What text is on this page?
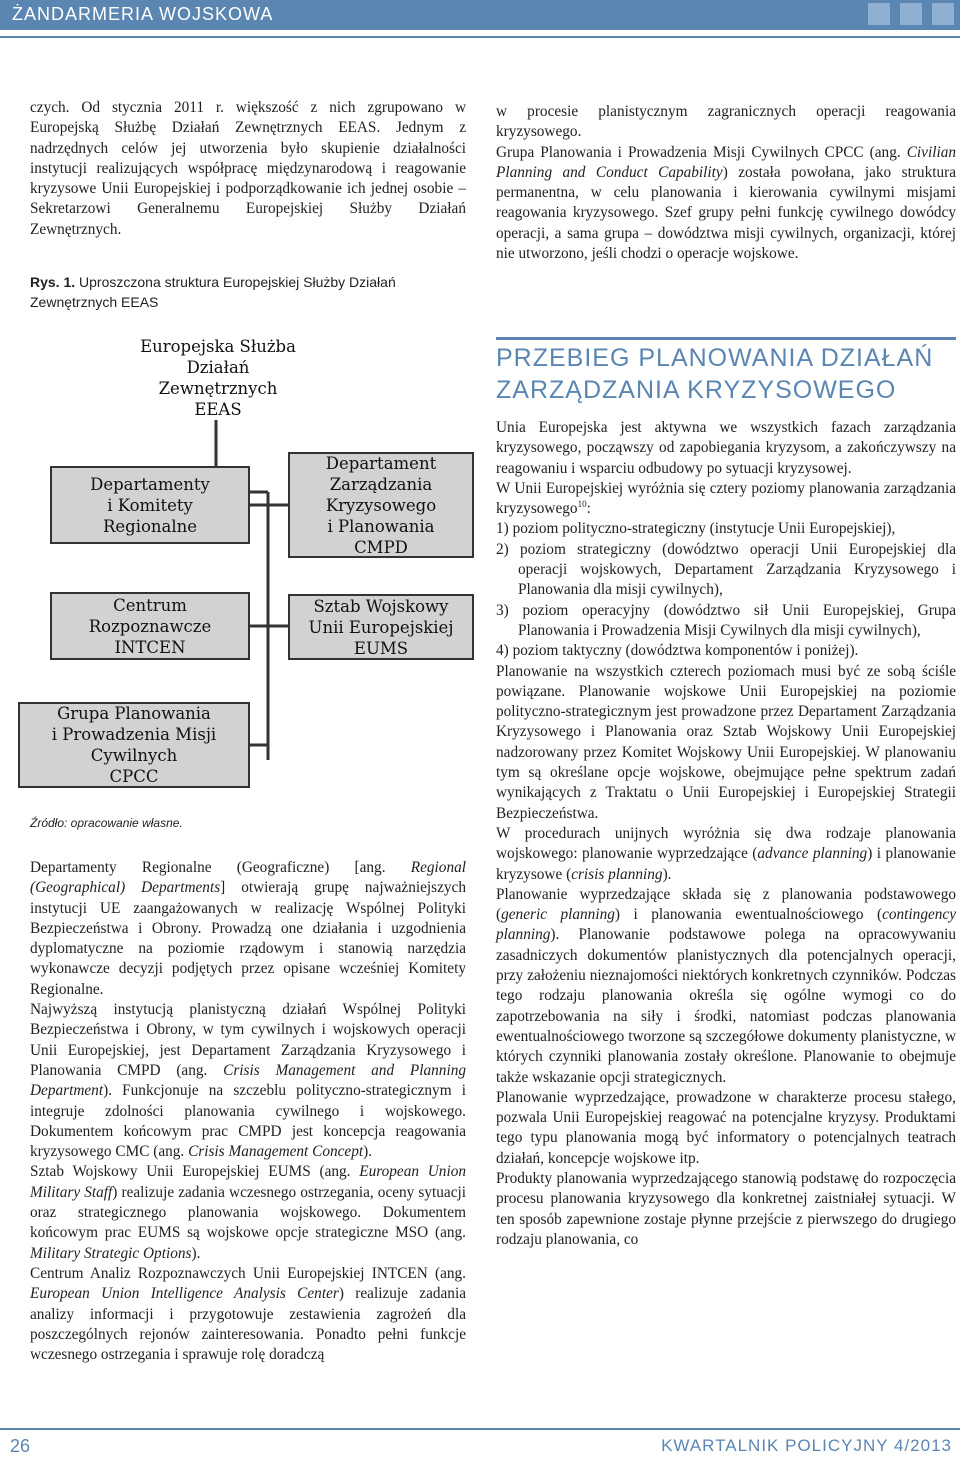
ŻANDARMERIA WOJSKOWA

czych. Od stycznia 2011 r. większość z nich zgrupowano w Europejską Służbę Działań Zewnętrznych EEAS. Jednym z nadrzędnych celów jej utworzenia było skupienie działalności instytucji realizujących współpracę międzynarodową i reagowanie kryzysowe Unii Europejskiej i podporządkowanie ich jednej osobie – Sekretarzowi Generalnemu Europejskiej Służby Działań Zewnętrznych.

Rys. 1. Uproszczona struktura Europejskiej Służby Działań Zewnętrznych EEAS
Europejska Służba
Działań
Zewnętrznych
EEAS
Departamenty
i Komitety
Regionalne
Departament
Zarządzania
Kryzysowego
i Planowania
CMPD
Centrum
Rozpoznawcze
INTCEN
Sztab Wojskowy
Unii Europejskiej
EUMS
Grupa Planowania
i Prowadzenia Misji
Cywilnych
CPCC
Źródło: opracowanie własne.

Departamenty Regionalne (Geograficzne) [ang. Regional (Geographical) Departments] otwierają grupę najważniejszych instytucji UE zaangażowanych w realizację Wspólnej Polityki Bezpieczeństwa i Obrony. Prowadzą one działania i uzgodnienia dyplomatyczne na poziomie rządowym i stanowią narzędzia wykonawcze decyzji podjętych przez opisane wcześniej Komitety Regionalne.

Najwyższą instytucją planistyczną działań Wspólnej Polityki Bezpieczeństwa i Obrony, w tym cywilnych i wojskowych operacji Unii Europejskiej, jest Departament Zarządzania Kryzysowego i Planowania CMPD (ang. Crisis Management and Planning Department). Funkcjonuje na szczeblu polityczno-strategicznym i integruje zdolności planowania cywilnego i wojskowego. Dokumentem końcowym prac CMPD jest koncepcja reagowania kryzysowego CMC (ang. Crisis Management Concept).

Sztab Wojskowy Unii Europejskiej EUMS (ang. European Union Military Staff) realizuje zadania wczesnego ostrzegania, oceny sytuacji oraz strategicznego planowania wojskowego. Dokumentem końcowym prac EUMS są wojskowe opcje strategiczne MSO (ang. Military Strategic Options).

Centrum Analiz Rozpoznawczych Unii Europejskiej INTCEN (ang. European Union Intelligence Analysis Center) realizuje zadania analizy informacji i przygotowuje zestawienia zagrożeń dla poszczególnych rejonów zainteresowania. Ponadto pełni funkcje wczesnego ostrzegania i sprawuje rolę doradczą

w procesie planistycznym zagranicznych operacji reagowania kryzysowego.

Grupa Planowania i Prowadzenia Misji Cywilnych CPCC (ang. Civilian Planning and Conduct Capability) została powołana, jako struktura permanentna, w celu planowania i kierowania cywilnymi misjami reagowania kryzysowego. Szef grupy pełni funkcję cywilnego dowódcy operacji, a sama grupa – dowództwa misji cywilnych, organizacji, której nie utworzono, jeśli chodzi o operacje wojskowe.

PRZEBIEG PLANOWANIA DZIAŁAŃ ZARZĄDZANIA KRYZYSOWEGO

Unia Europejska jest aktywna we wszystkich fazach zarządzania kryzysowego, począwszy od zapobiegania kryzysom, a zakończywszy na reagowaniu i wsparciu odbudowy po sytuacji kryzysowej.

W Unii Europejskiej wyróżnia się cztery poziomy planowania zarządzania kryzysowego$^{10}$:

1) poziom polityczno-strategiczny (instytucje Unii Europejskiej),
2) poziom strategiczny (dowództwo operacji Unii Europejskiej dla operacji wojskowych, Departament Zarządzania Kryzysowego i Planowania dla misji cywilnych),
3) poziom operacyjny (dowództwo sił Unii Europejskiej, Grupa Planowania i Prowadzenia Misji Cywilnych dla misji cywilnych),
4) poziom taktyczny (dowództwa komponentów i poniżej).

Planowanie na wszystkich czterech poziomach musi być ze sobą ściśle powiązane. Planowanie wojskowe Unii Europejskiej na poziomie polityczno-strategicznym jest prowadzone przez Departament Zarządzania Kryzysowego i Planowania oraz Sztab Wojskowy Unii Europejskiej nadzorowany przez Komitet Wojskowy Unii Europejskiej. W planowaniu tym są określane opcje wojskowe, obejmujące pełne spektrum zadań wynikających z Traktatu o Unii Europejskiej i Europejskiej Strategii Bezpieczeństwa.

W procedurach unijnych wyróżnia się dwa rodzaje planowania wojskowego: planowanie wyprzedzające (advance planning) i planowanie kryzysowe (crisis planning).

Planowanie wyprzedzające składa się z planowania podstawowego (generic planning) i planowania ewentualnościowego (contingency planning). Planowanie podstawowe polega na opracowywaniu zasadniczych dokumentów planistycznych dla potencjalnych operacji, przy założeniu nieznajomości niektórych konkretnych czynników. Podczas tego rodzaju planowania określa się ogólne wymogi co do zapotrzebowania na siły i środki, natomiast podczas planowania ewentualnościowego tworzone są szczegółowe dokumenty planistyczne, w których czynniki planowania zostały określone. Planowanie to obejmuje także wskazanie opcji strategicznych.

Planowanie wyprzedzające, prowadzone w charakterze procesu stałego, pozwala Unii Europejskiej reagować na potencjalne kryzysy. Produktami tego typu planowania mogą być informatory o potencjalnych teatrach działań, koncepcje wojskowe itp.

Produkty planowania wyprzedzającego stanowią podstawę do rozpoczęcia procesu planowania kryzysowego dla konkretnej zaistniałej sytuacji. W ten sposób zapewnione zostaje płynne przejście z pierwszego do drugiego rodzaju planowania, co

26	KWARTALNIK POLICYJNY 4/2013
